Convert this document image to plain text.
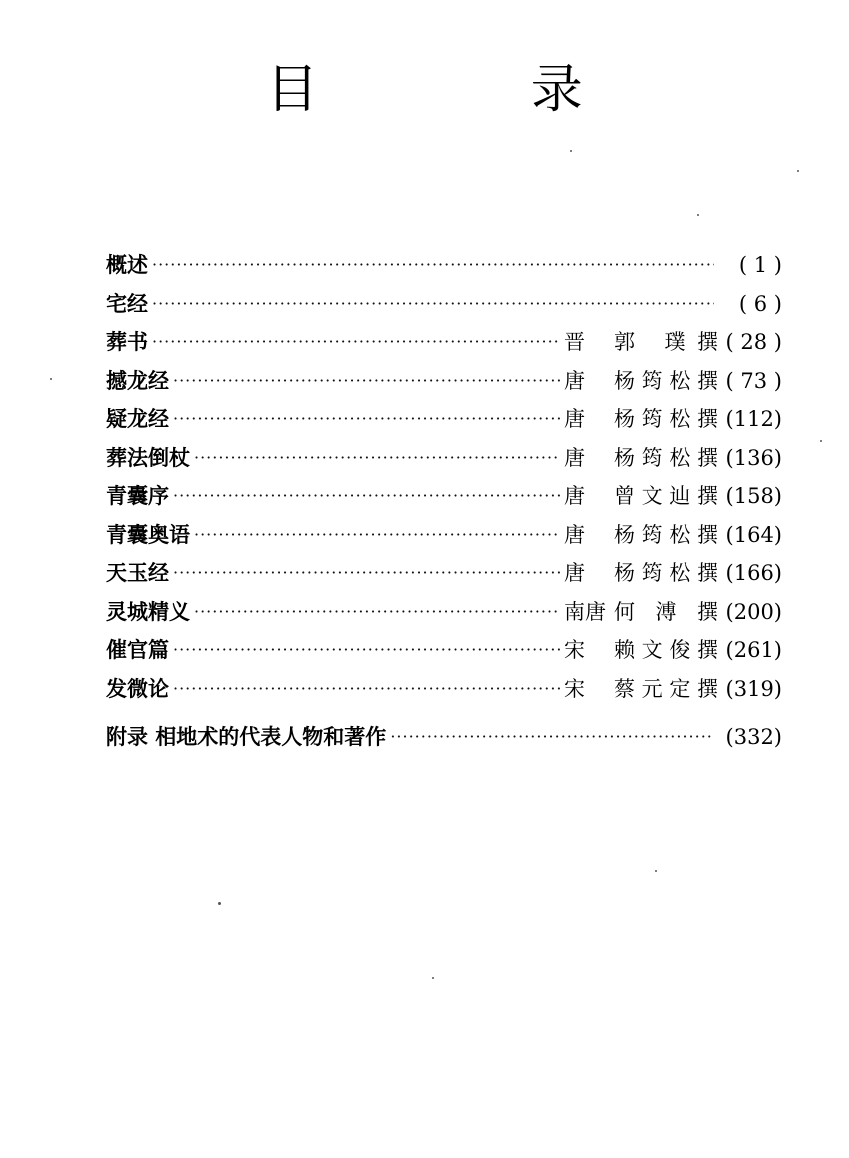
目 录
概述 ·····	( 1 )
宅经 ·····	( 6 )
葬书 ·····	晋	郭 璞撰 ( 28 )
撼龙经 ·····	唐	杨筠松撰 ( 73 )
疑龙经 ·····	唐	杨筠松撰 (112)
葬法倒杖 ·····	唐	杨筠松撰 (136)
青囊序 ·····	唐	曾文辿撰 (158)
青囊奥语 ·····	唐	杨筠松撰 (164)
天玉经 ·····	唐	杨筠松撰 (166)
灵城精义 ·····	南唐 何溥撰 (200)
催官篇 ·····	宋	赖文俊撰 (261)
发微论 ·····	宋	蔡元定撰 (319)
附录 相地术的代表人物和著作 ·····	(332)
